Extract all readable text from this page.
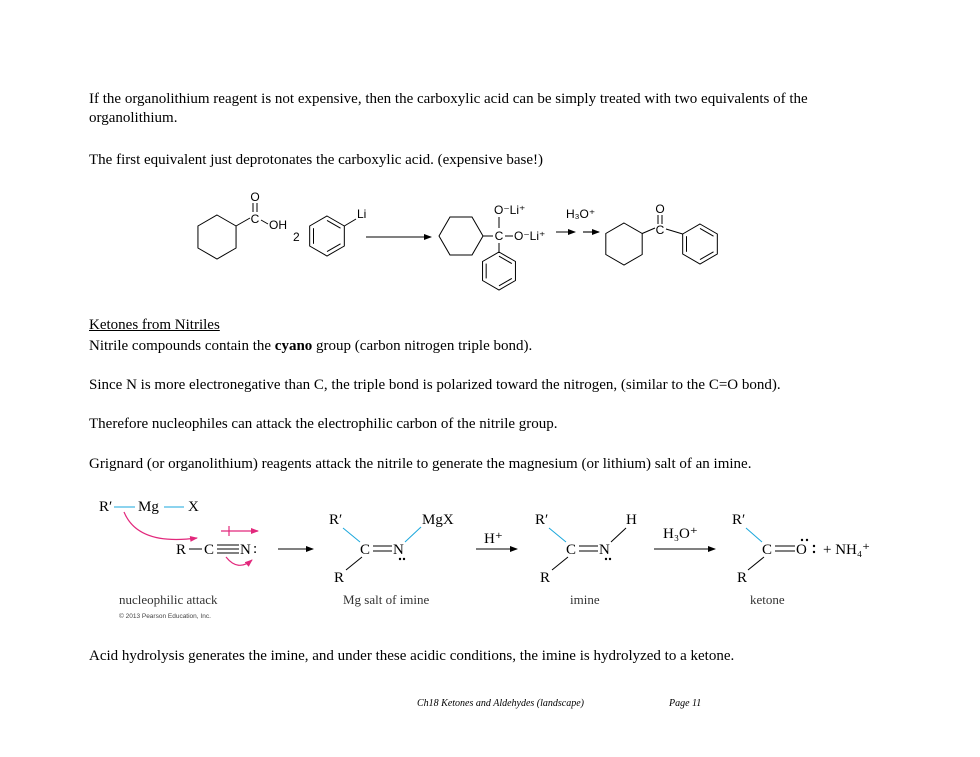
If the organolithium reagent is not expensive, then the carboxylic acid can be simply treated with two equivalents of the organolithium.

The first equivalent just deprotonates the carboxylic acid. (expensive base!)

Ketones from Nitriles

Nitrile compounds contain the cyano group (carbon nitrogen triple bond).

Since N is more electronegative than C, the triple bond is polarized toward the nitrogen, (similar to the C=O bond).

Therefore nucleophiles can attack the electrophilic carbon of the nitrile group.

Grignard (or organolithium) reagents attack the nitrile to generate the magnesium (or lithium) salt of an imine.

Acid hydrolysis generates the imine, and under these acidic conditions, the imine is hydrolyzed to a ketone.

Ch18 Ketones and Aldehydes (landscape)	Page 11
C
O
OH
2
Li
C
O⁻Li⁺
O⁻Li⁺
H₃O⁺
C
O
R′ Mg X
R C N :
R′
C N
MgX
R
H⁺
R′
C N
H
R
H₃O⁺
R′
C O + NH₄⁺
R
nucleophilic attack	Mg salt of imine	imine	ketone
© 2013 Pearson Education, Inc.
